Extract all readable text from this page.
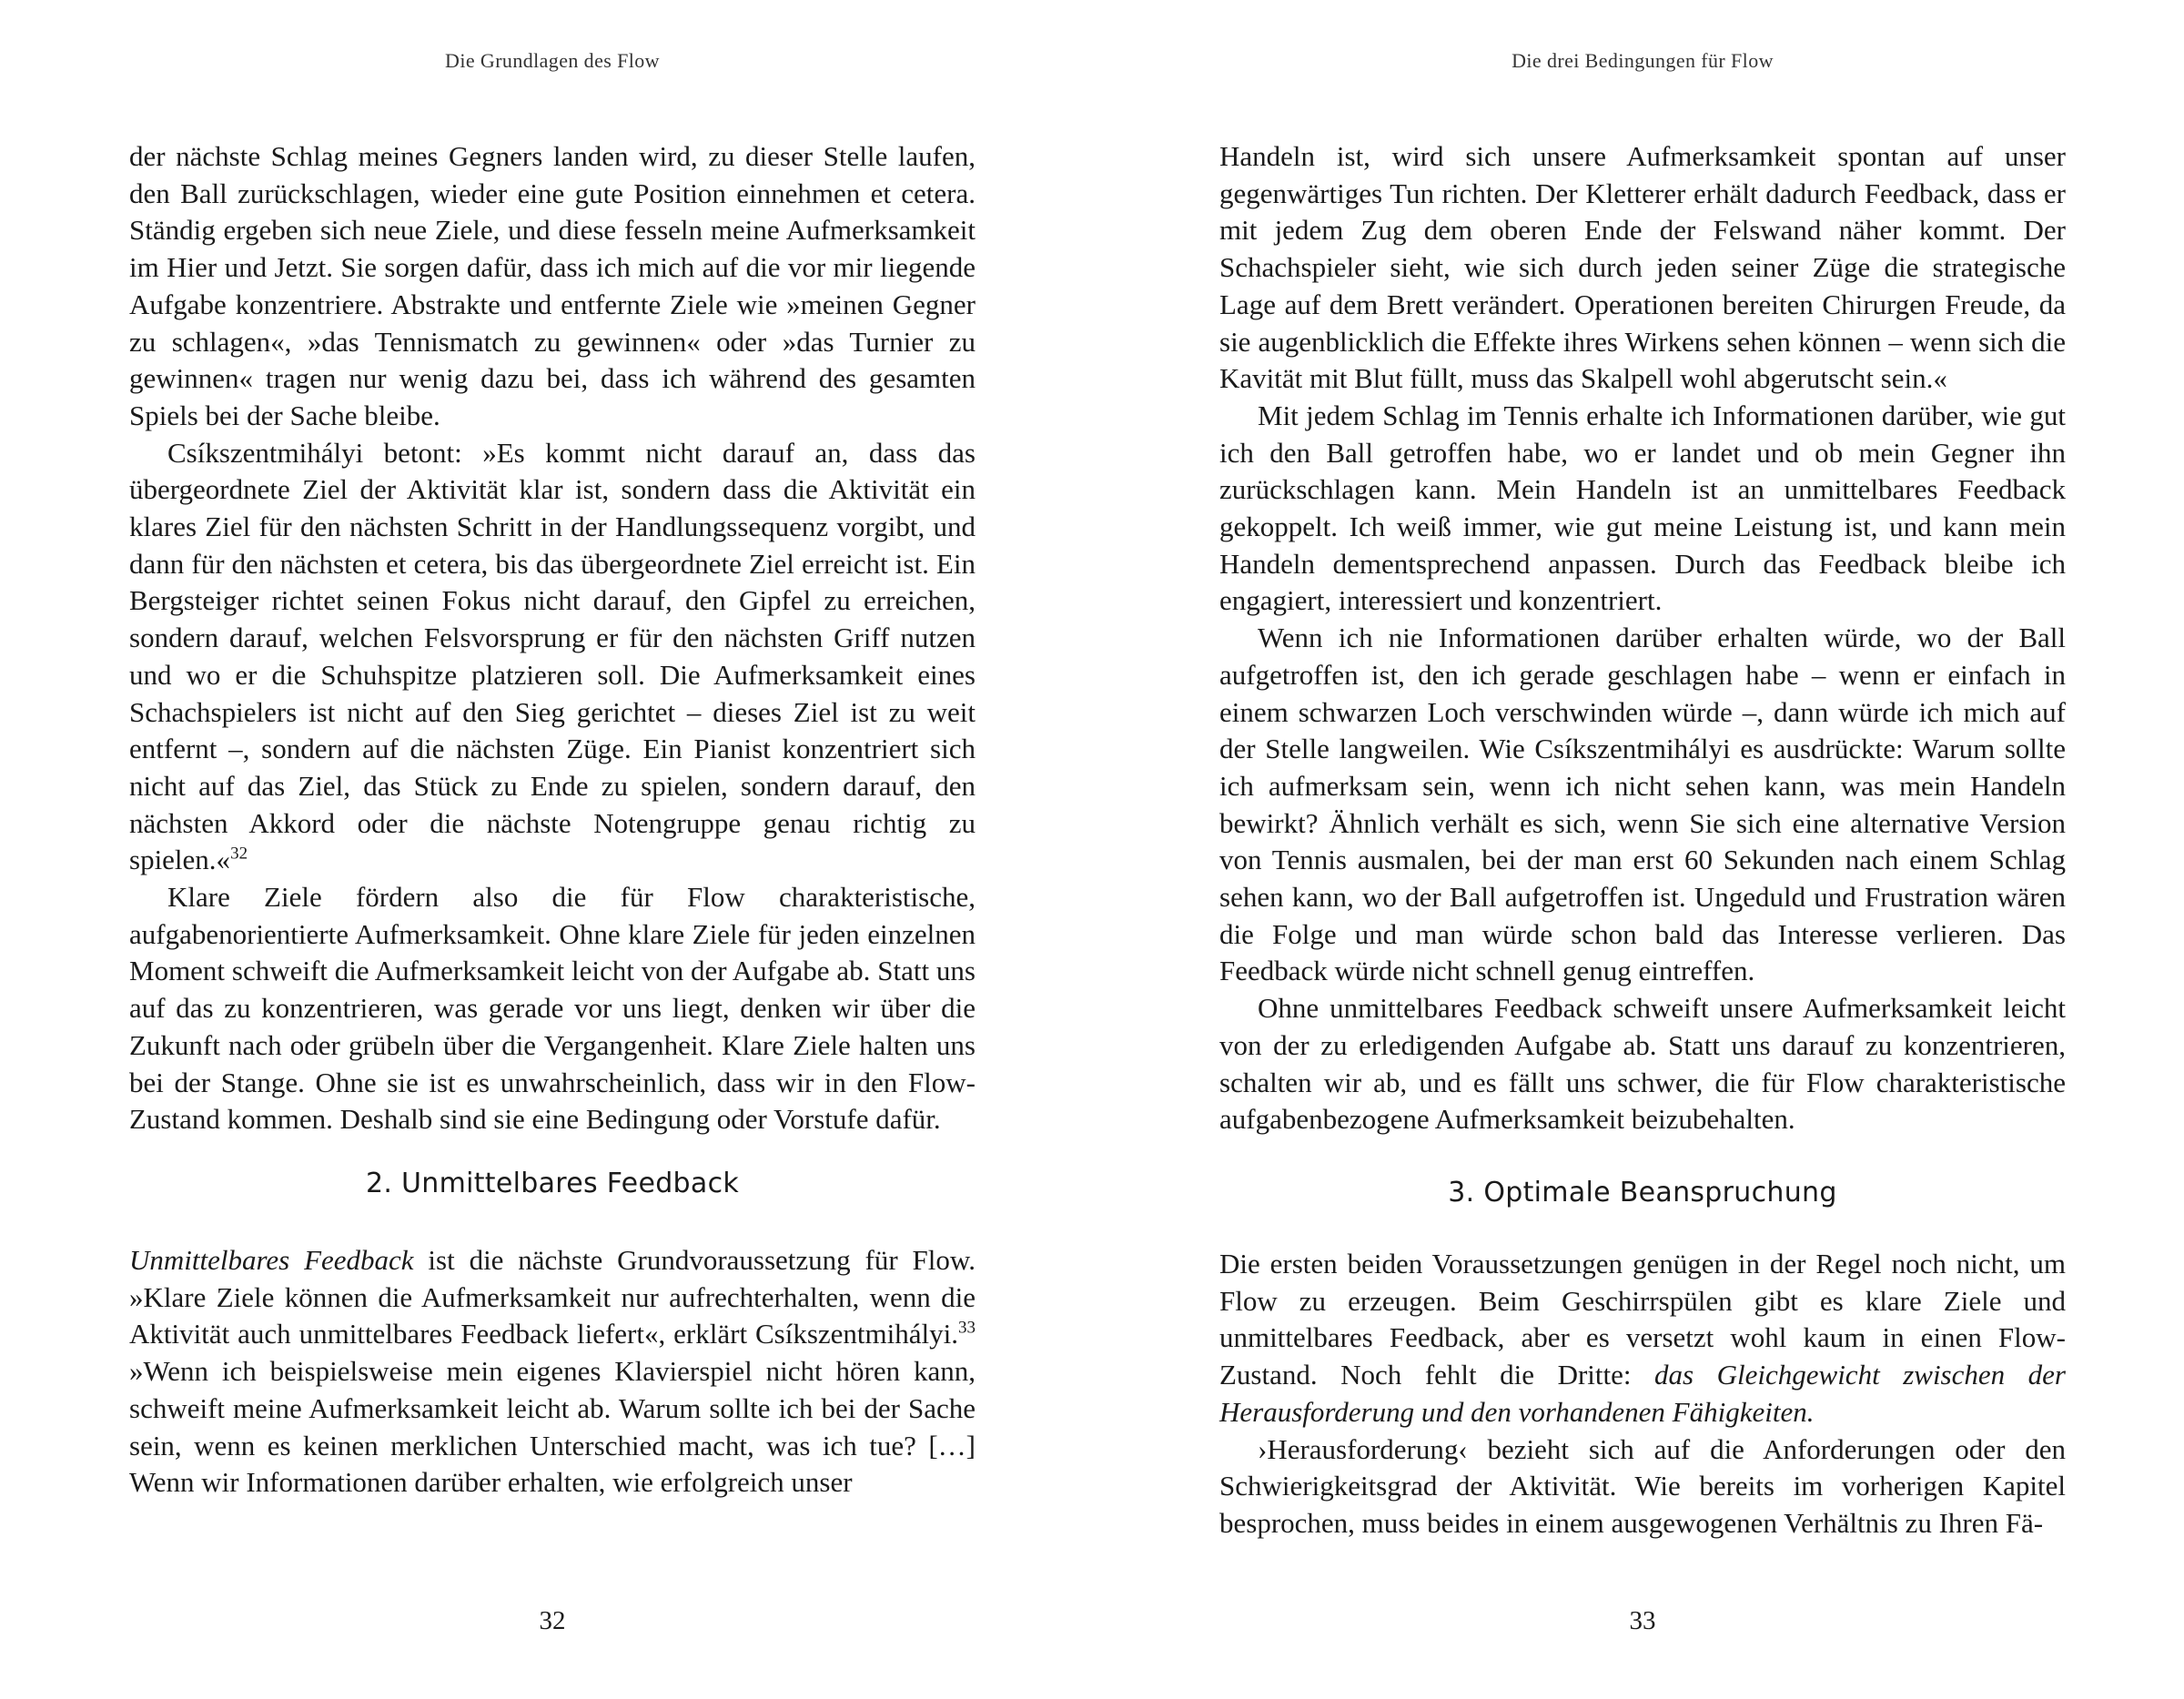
Die Grundlagen des Flow

der nächste Schlag meines Gegners landen wird, zu dieser Stelle laufen, den Ball zurückschlagen, wieder eine gute Position einnehmen et cetera. Ständig ergeben sich neue Ziele, und diese fesseln meine Aufmerksamkeit im Hier und Jetzt. Sie sorgen dafür, dass ich mich auf die vor mir liegende Aufgabe konzentriere. Abstrakte und entfernte Ziele wie »meinen Gegner zu schlagen«, »das Tennismatch zu gewinnen« oder »das Turnier zu gewinnen« tragen nur wenig dazu bei, dass ich während des gesamten Spiels bei der Sache bleibe.

Csíkszentmihályi betont: »Es kommt nicht darauf an, dass das übergeordnete Ziel der Aktivität klar ist, sondern dass die Aktivität ein klares Ziel für den nächsten Schritt in der Handlungssequenz vorgibt, und dann für den nächsten et cetera, bis das übergeordnete Ziel erreicht ist. Ein Bergsteiger richtet seinen Fokus nicht darauf, den Gipfel zu erreichen, sondern darauf, welchen Felsvorsprung er für den nächsten Griff nutzen und wo er die Schuhspitze platzieren soll. Die Aufmerksamkeit eines Schachspielers ist nicht auf den Sieg gerichtet – dieses Ziel ist zu weit entfernt –, sondern auf die nächsten Züge. Ein Pianist konzentriert sich nicht auf das Ziel, das Stück zu Ende zu spielen, sondern darauf, den nächsten Akkord oder die nächste Notengruppe genau richtig zu spielen.«$^{32}$

Klare Ziele fördern also die für Flow charakteristische, aufgabenorientierte Aufmerksamkeit. Ohne klare Ziele für jeden einzelnen Moment schweift die Aufmerksamkeit leicht von der Aufgabe ab. Statt uns auf das zu konzentrieren, was gerade vor uns liegt, denken wir über die Zukunft nach oder grübeln über die Vergangenheit. Klare Ziele halten uns bei der Stange. Ohne sie ist es unwahrscheinlich, dass wir in den Flow-Zustand kommen. Deshalb sind sie eine Bedingung oder Vorstufe dafür.

2. Unmittelbares Feedback

Unmittelbares Feedback ist die nächste Grundvoraussetzung für Flow. »Klare Ziele können die Aufmerksamkeit nur aufrechterhalten, wenn die Aktivität auch unmittelbares Feedback liefert«, erklärt Csíkszentmihályi.$^{33}$ »Wenn ich beispielsweise mein eigenes Klavierspiel nicht hören kann, schweift meine Aufmerksamkeit leicht ab. Warum sollte ich bei der Sache sein, wenn es keinen merklichen Unterschied macht, was ich tue? […] Wenn wir Informationen darüber erhalten, wie erfolgreich unser

32
Die drei Bedingungen für Flow

Handeln ist, wird sich unsere Aufmerksamkeit spontan auf unser gegenwärtiges Tun richten. Der Kletterer erhält dadurch Feedback, dass er mit jedem Zug dem oberen Ende der Felswand näher kommt. Der Schachspieler sieht, wie sich durch jeden seiner Züge die strategische Lage auf dem Brett verändert. Operationen bereiten Chirurgen Freude, da sie augenblicklich die Effekte ihres Wirkens sehen können – wenn sich die Kavität mit Blut füllt, muss das Skalpell wohl abgerutscht sein.«

Mit jedem Schlag im Tennis erhalte ich Informationen darüber, wie gut ich den Ball getroffen habe, wo er landet und ob mein Gegner ihn zurückschlagen kann. Mein Handeln ist an unmittelbares Feedback gekoppelt. Ich weiß immer, wie gut meine Leistung ist, und kann mein Handeln dementsprechend anpassen. Durch das Feedback bleibe ich engagiert, interessiert und konzentriert.

Wenn ich nie Informationen darüber erhalten würde, wo der Ball aufgetroffen ist, den ich gerade geschlagen habe – wenn er einfach in einem schwarzen Loch verschwinden würde –, dann würde ich mich auf der Stelle langweilen. Wie Csíkszentmihályi es ausdrückte: Warum sollte ich aufmerksam sein, wenn ich nicht sehen kann, was mein Handeln bewirkt? Ähnlich verhält es sich, wenn Sie sich eine alternative Version von Tennis ausmalen, bei der man erst 60 Sekunden nach einem Schlag sehen kann, wo der Ball aufgetroffen ist. Ungeduld und Frustration wären die Folge und man würde schon bald das Interesse verlieren. Das Feedback würde nicht schnell genug eintreffen.

Ohne unmittelbares Feedback schweift unsere Aufmerksamkeit leicht von der zu erledigenden Aufgabe ab. Statt uns darauf zu konzentrieren, schalten wir ab, und es fällt uns schwer, die für Flow charakteristische aufgabenbezogene Aufmerksamkeit beizubehalten.

3. Optimale Beanspruchung

Die ersten beiden Voraussetzungen genügen in der Regel noch nicht, um Flow zu erzeugen. Beim Geschirrspülen gibt es klare Ziele und unmittelbares Feedback, aber es versetzt wohl kaum in einen Flow-Zustand. Noch fehlt die Dritte: das Gleichgewicht zwischen der Herausforderung und den vorhandenen Fähigkeiten.

›Herausforderung‹ bezieht sich auf die Anforderungen oder den Schwierigkeitsgrad der Aktivität. Wie bereits im vorherigen Kapitel besprochen, muss beides in einem ausgewogenen Verhältnis zu Ihren Fä-

33
